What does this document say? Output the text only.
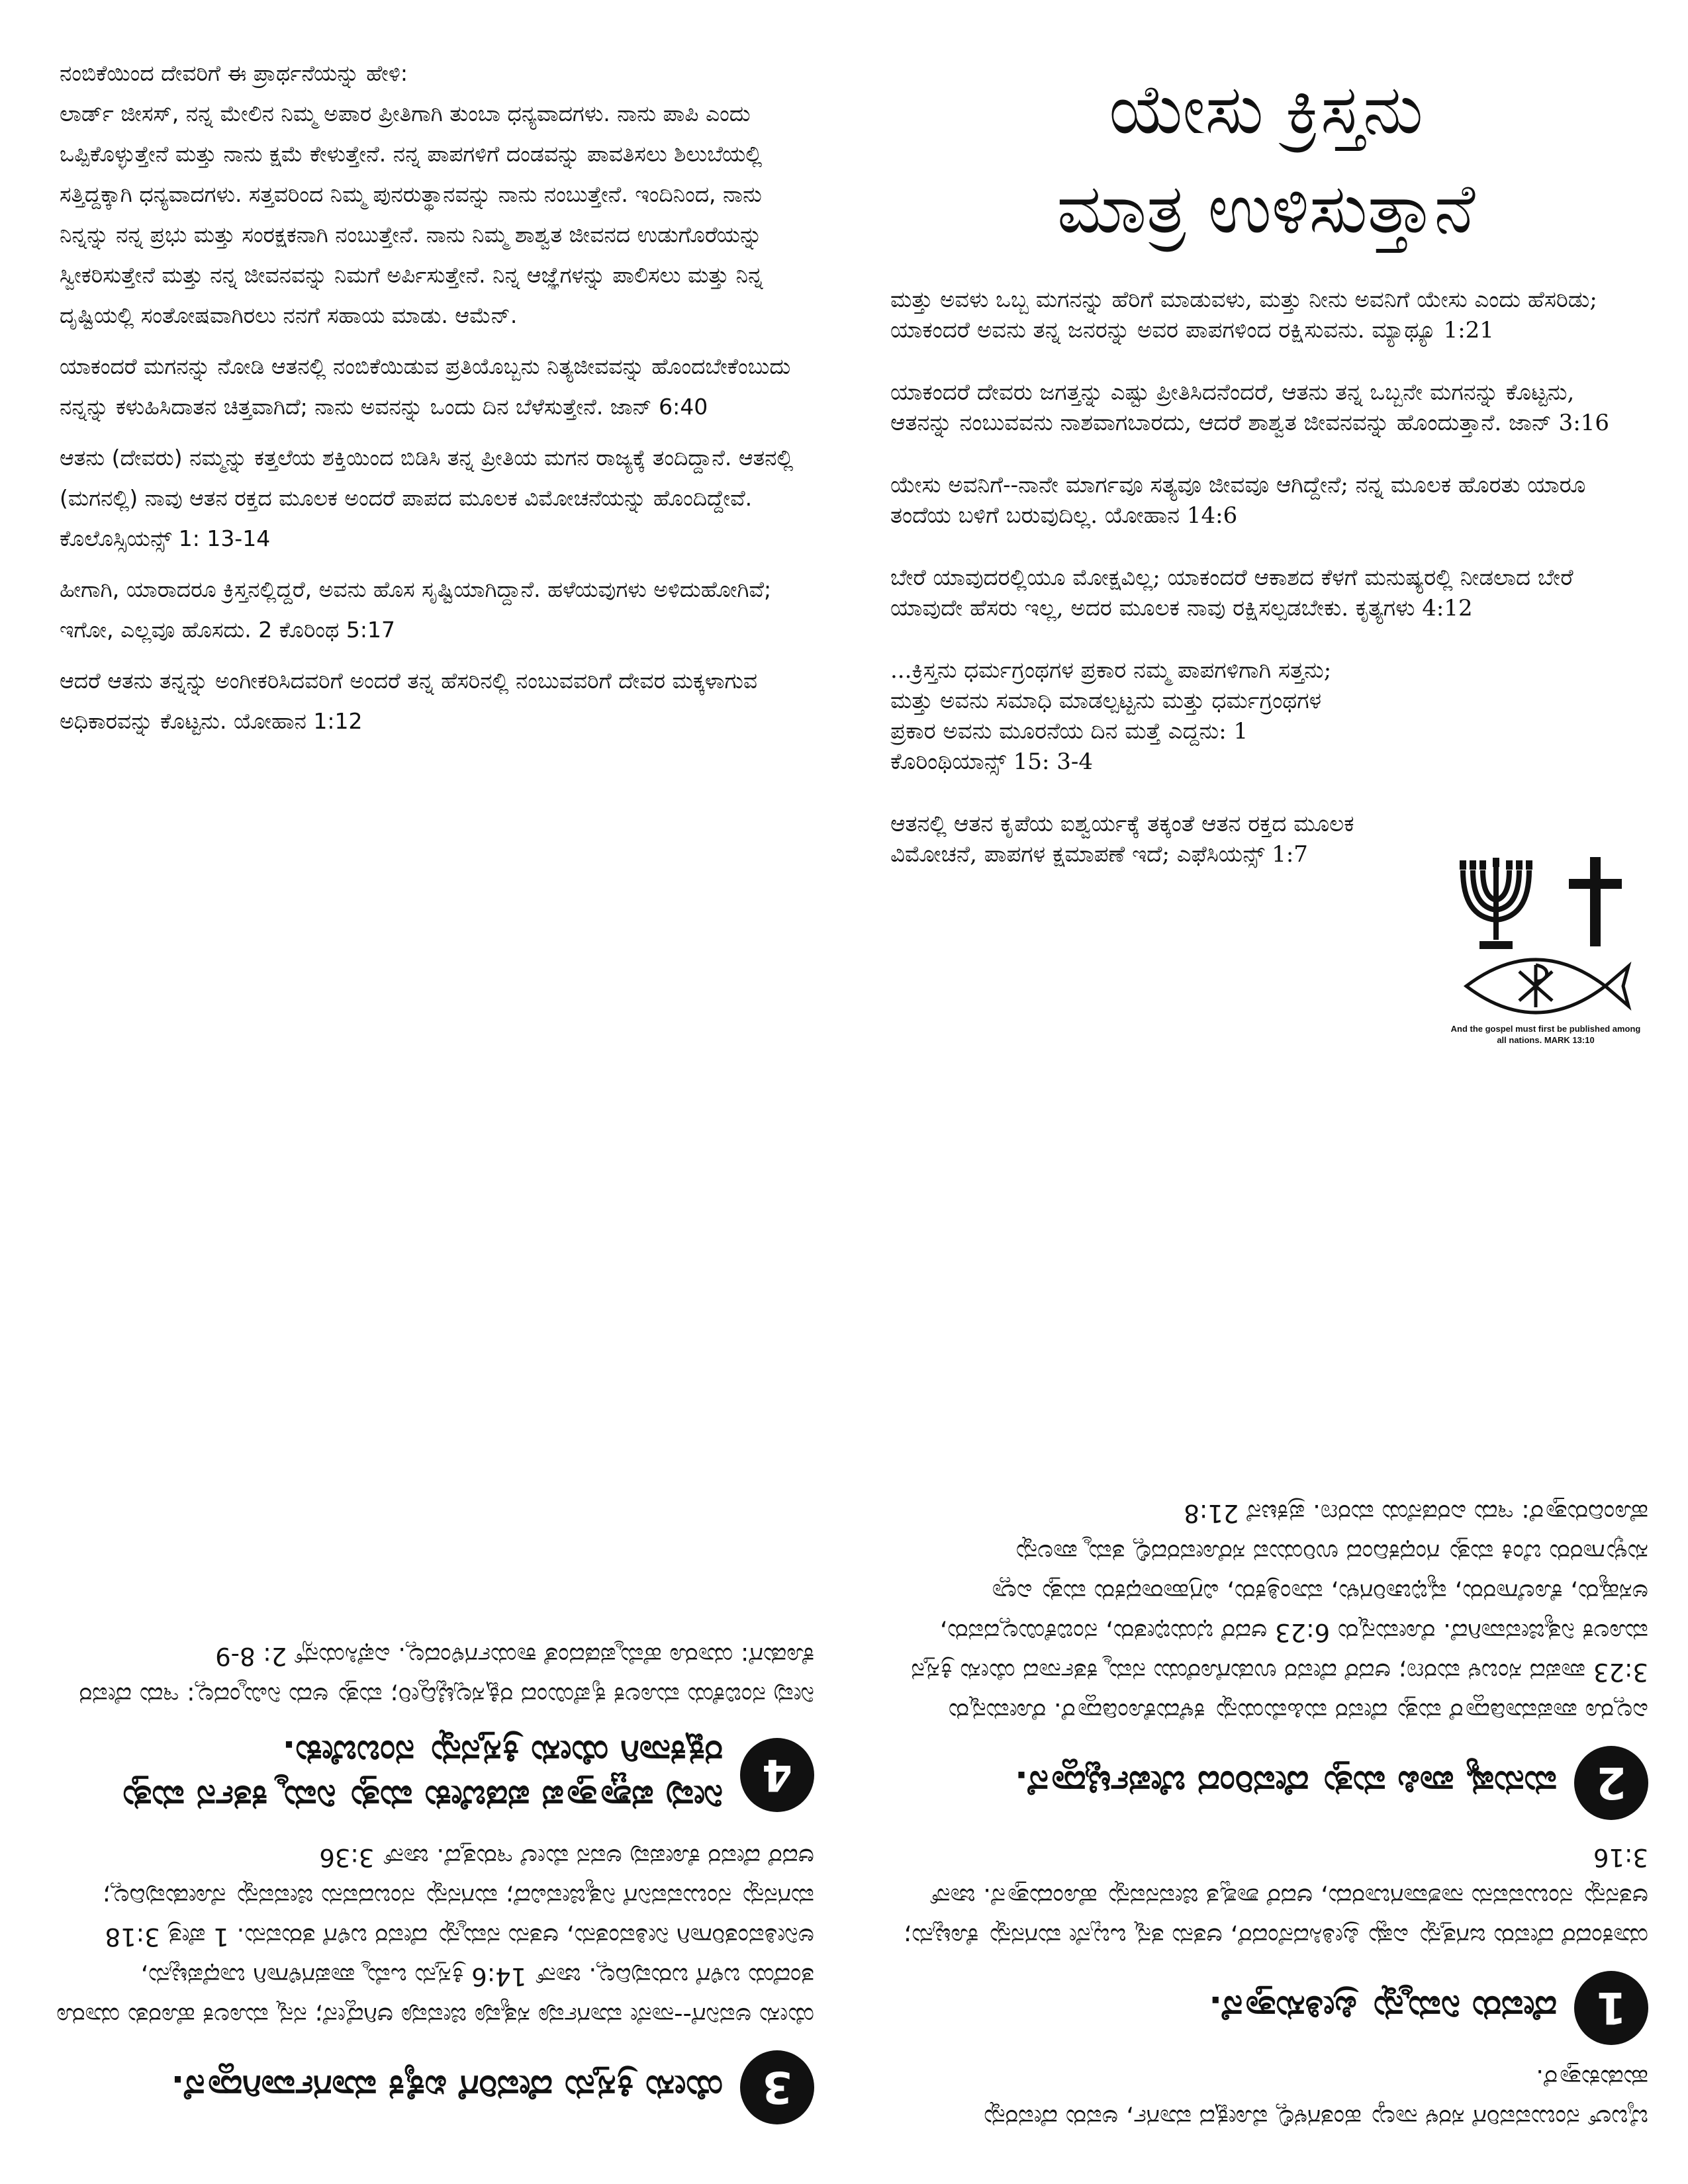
ನಂಬಿಕೆಯಿಂದ ದೇವರಿಗೆ ಈ ಪ್ರಾರ್ಥನೆಯನ್ನು ಹೇಳಿ:

ಲಾರ್ಡ್ ಜೀಸಸ್, ನನ್ನ ಮೇಲಿನ ನಿಮ್ಮ ಅಪಾರ ಪ್ರೀತಿಗಾಗಿ ತುಂಬಾ ಧನ್ಯವಾದಗಳು. ನಾನು ಪಾಪಿ ಎಂದು ಒಪ್ಪಿಕೊಳ್ಳುತ್ತೇನೆ ಮತ್ತು ನಾನು ಕ್ಷಮೆ ಕೇಳುತ್ತೇನೆ. ನನ್ನ ಪಾಪಗಳಿಗೆ ದಂಡವನ್ನು ಪಾವತಿಸಲು ಶಿಲುಬೆಯಲ್ಲಿ ಸತ್ತಿದ್ದಕ್ಕಾಗಿ ಧನ್ಯವಾದಗಳು. ಸತ್ತವರಿಂದ ನಿಮ್ಮ ಪುನರುತ್ಥಾನವನ್ನು ನಾನು ನಂಬುತ್ತೇನೆ. ಇಂದಿನಿಂದ, ನಾನು ನಿನ್ನನ್ನು ನನ್ನ ಪ್ರಭು ಮತ್ತು ಸಂರಕ್ಷಕನಾಗಿ ನಂಬುತ್ತೇನೆ. ನಾನು ನಿಮ್ಮ ಶಾಶ್ವತ ಜೀವನದ ಉಡುಗೊರೆಯನ್ನು ಸ್ವೀಕರಿಸುತ್ತೇನೆ ಮತ್ತು ನನ್ನ ಜೀವನವನ್ನು ನಿಮಗೆ ಅರ್ಪಿಸುತ್ತೇನೆ. ನಿನ್ನ ಆಜ್ಞೆಗಳನ್ನು ಪಾಲಿಸಲು ಮತ್ತು ನಿನ್ನ ದೃಷ್ಟಿಯಲ್ಲಿ ಸಂತೋಷವಾಗಿರಲು ನನಗೆ ಸಹಾಯ ಮಾಡು. ಆಮೆನ್.

ಯಾಕಂದರೆ ಮಗನನ್ನು ನೋಡಿ ಆತನಲ್ಲಿ ನಂಬಿಕೆಯಿಡುವ ಪ್ರತಿಯೊಬ್ಬನು ನಿತ್ಯಜೀವವನ್ನು ಹೊಂದಬೇಕೆಂಬುದು ನನ್ನನ್ನು ಕಳುಹಿಸಿದಾತನ ಚಿತ್ತವಾಗಿದೆ; ನಾನು ಅವನನ್ನು ಒಂದು ದಿನ ಬೆಳೆಸುತ್ತೇನೆ. ಜಾನ್ 6:40

ಆತನು (ದೇವರು) ನಮ್ಮನ್ನು ಕತ್ತಲೆಯ ಶಕ್ತಿಯಿಂದ ಬಿಡಿಸಿ ತನ್ನ ಪ್ರೀತಿಯ ಮಗನ ರಾಜ್ಯಕ್ಕೆ ತಂದಿದ್ದಾನೆ. ಆತನಲ್ಲಿ (ಮಗನಲ್ಲಿ) ನಾವು ಆತನ ರಕ್ತದ ಮೂಲಕ ಅಂದರೆ ಪಾಪದ ಮೂಲಕ ವಿಮೋಚನೆಯನ್ನು ಹೊಂದಿದ್ದೇವೆ. ಕೊಲೊಸ್ಸಿಯನ್ಸ್ 1: 13-14

ಹೀಗಾಗಿ, ಯಾರಾದರೂ ಕ್ರಿಸ್ತನಲ್ಲಿದ್ದರೆ, ಅವನು ಹೊಸ ಸೃಷ್ಟಿಯಾಗಿದ್ದಾನೆ. ಹಳೆಯವುಗಳು ಅಳಿದುಹೋಗಿವೆ; ಇಗೋ, ಎಲ್ಲವೂ ಹೊಸದು. 2 ಕೊರಿಂಥ 5:17

ಆದರೆ ಆತನು ತನ್ನನ್ನು ಅಂಗೀಕರಿಸಿದವರಿಗೆ ಅಂದರೆ ತನ್ನ ಹೆಸರಿನಲ್ಲಿ ನಂಬುವವರಿಗೆ ದೇವರ ಮಕ್ಕಳಾಗುವ ಅಧಿಕಾರವನ್ನು ಕೊಟ್ಟನು. ಯೋಹಾನ 1:12

ಯೇಸು ಕ್ರಿಸ್ತನು
ಮಾತ್ರ ಉಳಿಸುತ್ತಾನೆ

ಮತ್ತು ಅವಳು ಒಬ್ಬ ಮಗನನ್ನು ಹೆರಿಗೆ ಮಾಡುವಳು, ಮತ್ತು ನೀನು ಅವನಿಗೆ ಯೇಸು ಎಂದು ಹೆಸರಿಡು; ಯಾಕಂದರೆ ಅವನು ತನ್ನ ಜನರನ್ನು ಅವರ ಪಾಪಗಳಿಂದ ರಕ್ಷಿಸುವನು. ಮ್ಯಾಥ್ಯೂ 1:21

ಯಾಕಂದರೆ ದೇವರು ಜಗತ್ತನ್ನು ಎಷ್ಟು ಪ್ರೀತಿಸಿದನೆಂದರೆ, ಆತನು ತನ್ನ ಒಬ್ಬನೇ ಮಗನನ್ನು ಕೊಟ್ಟನು, ಆತನನ್ನು ನಂಬುವವನು ನಾಶವಾಗಬಾರದು, ಆದರೆ ಶಾಶ್ವತ ಜೀವನವನ್ನು ಹೊಂದುತ್ತಾನೆ. ಜಾನ್ 3:16

ಯೇಸು ಅವನಿಗೆ--ನಾನೇ ಮಾರ್ಗವೂ ಸತ್ಯವೂ ಜೀವವೂ ಆಗಿದ್ದೇನೆ; ನನ್ನ ಮೂಲಕ ಹೊರತು ಯಾರೂ ತಂದೆಯ ಬಳಿಗೆ ಬರುವುದಿಲ್ಲ. ಯೋಹಾನ 14:6

ಬೇರೆ ಯಾವುದರಲ್ಲಿಯೂ ಮೋಕ್ಷವಿಲ್ಲ; ಯಾಕಂದರೆ ಆಕಾಶದ ಕೆಳಗೆ ಮನುಷ್ಯರಲ್ಲಿ ನೀಡಲಾದ ಬೇರೆ ಯಾವುದೇ ಹೆಸರು ಇಲ್ಲ, ಅದರ ಮೂಲಕ ನಾವು ರಕ್ಷಿಸಲ್ಪಡಬೇಕು. ಕೃತ್ಯಗಳು 4:12

...ಕ್ರಿಸ್ತನು ಧರ್ಮಗ್ರಂಥಗಳ ಪ್ರಕಾರ ನಮ್ಮ ಪಾಪಗಳಿಗಾಗಿ ಸತ್ತನು; ಮತ್ತು ಅವನು ಸಮಾಧಿ ಮಾಡಲ್ಪಟ್ಟನು ಮತ್ತು ಧರ್ಮಗ್ರಂಥಗಳ ಪ್ರಕಾರ ಅವನು ಮೂರನೆಯ ದಿನ ಮತ್ತೆ ಎದ್ದನು: 1 ಕೊರಿಂಥಿಯಾನ್ಸ್ 15: 3-4

ಆತನಲ್ಲಿ ಆತನ ಕೃಪೆಯ ಐಶ್ವರ್ಯಕ್ಕೆ ತಕ್ಕಂತೆ ಆತನ ರಕ್ತದ ಮೂಲಕ ವಿಮೋಚನೆ, ಪಾಪಗಳ ಕ್ಷಮಾಪಣೆ ಇದೆ; ಎಫೆಸಿಯನ್ಸ್ 1:7

And the gospel must first be published among all nations. MARK 13:10
3
ಯೇಸು ಕ್ರಿಸ್ತನು ದೇವರಿಗೆ ಏಕೈಕ ಮಾರ್ಗವಾಗಿದ್ದಾನೆ.

ಯೇಸು ಅವನಿಗೆ--ನಾನೇ ಮಾರ್ಗವೂ ಸತ್ಯವೂ ಜೀವವೂ ಆಗಿದ್ದೇನೆ; ನನ್ನ ಮೂಲಕ ಹೊರತು ಯಾರೂ ತಂದೆಯ ಬಳಿಗೆ ಬರುವುದಿಲ್ಲ. ಜಾನ್ 14:6 ಕ್ರಿಸ್ತನು ಒಮ್ಮೆ ಪಾಪಗಳಿಗಾಗಿ ಬಾಧೆಪಟ್ಟನು, ಅನೀತಿವಂತರಿಗಾಗಿ ನೀತಿವಂತನು, ಆತನು ನಮ್ಮನ್ನು ದೇವರ ಬಳಿಗೆ ತರುವನು. 1 ಪೇತ್ರ 3:18 ಮಗನನ್ನು ನಂಬುವವನಿಗೆ ನಿತ್ಯಜೀವವಿದೆ; ಮಗನನ್ನು ನಂಬದವನು ಜೀವವನ್ನು ನೋಡುವುದಿಲ್ಲ; ಆದರೆ ದೇವರ ಕೋಪವು ಅವನ ಮೇಲೆ ಇರುತ್ತದೆ. ಜಾನ್ 3:36

4
ನೀವು ಪಶ್ಚಾತ್ತಾಪ ಪಡಬೇಕು ಮತ್ತು ನಿಮ್ಮ ಕರ್ತನ ಮತ್ತು ರಕ್ಷಕನಾಗಿ ಯೇಸು ಕ್ರಿಸ್ತನನ್ನು ನಂಬಬೇಕು.

ನೀವು ನಂಬಿಕೆಯ ಮೂಲಕ ಕೃಪೆಯಿಂದ ರಕ್ಷಿಸಲ್ಪಟ್ಟಿದ್ದೀರಿ; ಮತ್ತು ಅದು ನಿಮ್ಮಿಂದಲ್ಲ: ಇದು ದೇವರ ಕೊಡುಗೆ: ಯಾರೂ ಹೆಮ್ಮೆಪಡದಂತೆ ಕಾರ್ಯಗಳಿಂದಲ್ಲ. ಎಫೆಸಿಯನ್ಸ್ 2: 8-9

ಬೈಬಲ್ ನಂಬುವವರಿಗೆ ಸರಳ ನಾಲ್ಕು ಹಂತಗಳಲ್ಲಿ ಮೋಕ್ಷದ ಮಾರ್ಗ, ಅವರು ದೇವರನ್ನು ಹುಡುಕುತ್ತಾರೆ.

1
ದೇವರು ನಿಮ್ಮನ್ನು ಪ್ರೀತಿಸುತ್ತಾನೆ.

ಯಾಕಂದರೆ ದೇವರು ಜಗತ್ತನ್ನು ಎಷ್ಟು ಪ್ರೀತಿಸಿದನೆಂದರೆ, ಆತನು ತನ್ನ ಒಬ್ಬನೇ ಮಗನನ್ನು ಕೊಟ್ಟನು; ಆತನನ್ನು ನಂಬುವವನು ನಾಶವಾಗಬಾರದು, ಆದರೆ ಶಾಶ್ವತ ಜೀವನವನ್ನು ಹೊಂದುತ್ತಾನೆ. ಜಾನ್ 3:16

2
ಮನುಷ್ಯ ಪಾಪಿ ಮತ್ತು ದೇವರಿಂದ ಬೇರ್ಪಟ್ಟಿದ್ದಾನೆ.

ಎಲ್ಲರೂ ಪಾಪಮಾಡಿದ್ದಾರೆ ಮತ್ತು ದೇವರ ಮಹಿಮೆಯನ್ನು ಕಳೆದುಕೊಂಡಿದ್ದಾರೆ. ರೋಮನ್ನರು 3:23 ಪಾಪದ ಸಂಬಳ ಮರಣ; ಆದರೆ ದೇವರ ಉಡುಗೊರೆಯು ನಮ್ಮ ಕರ್ತನಾದ ಯೇಸು ಕ್ರಿಸ್ತನ ಮೂಲಕ ನಿತ್ಯಜೀವವಾಗಿದೆ. ರೋಮನ್ನರು 6:23 ಆದರೆ ಭಯಭೀತರು, ನಂಬಿಕೆಯಿಲ್ಲದವರು, ಅಸಹ್ಯರು, ಕೊಲೆಗಾರರು, ವ್ಯಭಿಚಾರಿಗಳು, ಮಾಂತ್ರಿಕರು, ವಿಗ್ರಹಾರಾಧಕರು ಮತ್ತು ಎಲ್ಲಾ ಸುಳ್ಳುಗಾರರು ಬೆಂಕಿ ಮತ್ತು ಗಂಧಕದಿಂದ ಉರಿಯುವ ಸರೋವರದಲ್ಲಿ ತಮ್ಮ ಪಾಲನ್ನು ಹೊಂದಿರುತ್ತಾರೆ: ಇದು ಎರಡನೆಯ ಮರಣ. ಪ್ರಕಟನೆ 21:8
